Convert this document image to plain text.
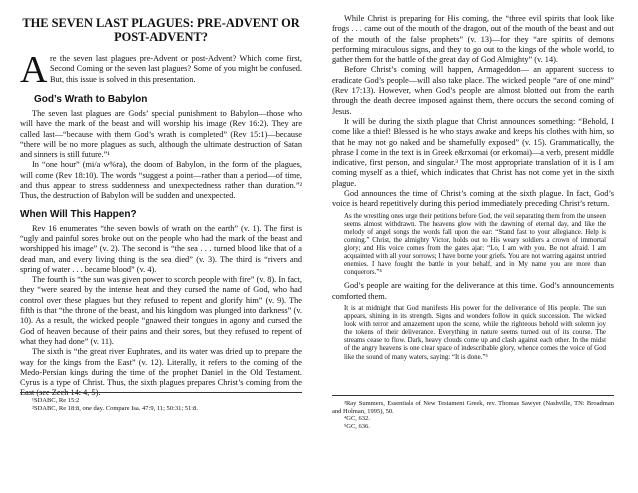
THE SEVEN LAST PLAGUES: PRE-ADVENT OR POST-ADVENT?
A re the seven last plagues pre-Advent or post-Advent? Which come first, Second Coming or the seven last plagues? Some of you might be confused. But, this issue is solved in this presentation.

God’s Wrath to Babylon

The seven last plagues are Gods’ special punishment to Babylon—those who will have the mark of the beast and will worship his image (Rev 16:2). They are called last—“because with them God’s wrath is completed” (Rev 15:1)—because “there will be no more plagues as such, although the ultimate destruction of Satan and sinners is still future.”¹

In “one hour” (mi/a w%ra), the doom of Babylon, in the form of the plagues, will come (Rev 18:10). The words “suggest a point—rather than a period—of time, and thus appear to stress suddenness and unexpectedness rather than duration.”² Thus, the destruction of Babylon will be sudden and unexpected.

When Will This Happen?

Rev 16 enumerates “the seven bowls of wrath on the earth” (v. 1). The first is “ugly and painful sores broke out on the people who had the mark of the beast and worshipped his image” (v. 2). The second is “the sea . . . turned blood like that of a dead man, and every living thing is the sea died” (v. 3). The third is “rivers and spring of water . . . became blood” (v. 4).

The fourth is “the sun was given power to scorch people with fire” (v. 8). In fact, they “were seared by the intense heat and they cursed the name of God, who had control over these plagues but they refused to repent and glorify him” (v. 9). The fifth is that “the throne of the beast, and his kingdom was plunged into darkness” (v. 10). As a result, the wicked people “gnawed their tongues in agony and cursed the God of heaven because of their pains and their sores, but they refused to repent of what they had done” (v. 11).

The sixth is “the great river Euphrates, and its water was dried up to prepare the way for the kings from the East” (v. 12). Literally, it refers to the coming of the Medo-Persian kings during the time of the prophet Daniel in the Old Testament. Cyrus is a type of Christ. Thus, the sixth plagues prepares Christ’s coming from the East (see Zech 14: 4, 5).

¹SDABC, Re 15:2

²SDABC, Re 18:8, one day. Compare Isa. 47:9, 11; 50:31; 51:8.

While Christ is preparing for His coming, the “three evil spirits that look like frogs . . . came out of the mouth of the dragon, out of the mouth of the beast and out of the mouth of the false prophets” (v. 13)—for they “are spirits of demons performing miraculous signs, and they to go out to the kings of the whole world, to gather them for the battle of the great day of God Almighty” (v. 14).

Before Christ’s coming will happen, Armageddon— an apparent success to eradicate God’s people—will also take place. The wicked people “are of one mind” (Rev 17:13). However, when God’s people are almost blotted out from the earth through the death decree imposed against them, there occurs the second coming of Jesus.

It will be during the sixth plague that Christ announces something: “Behold, I come like a thief! Blessed is he who stays awake and keeps his clothes with him, so that he may not go naked and be shamefully exposed” (v. 15). Grammatically, the phrase I come in the text is in Greek e&rxomai (or erkomai)—a verb, present middle indicative, first person, and singular.³ The most appropriate translation of it is I am coming myself as a thief, which indicates that Christ has not come yet in the sixth plague.

God announces the time of Christ’s coming at the sixth plague. In fact, God’s voice is heard repetitively during this period immediately preceding Christ’s return.

As the wrestling ones urge their petitions before God, the veil separating them from the unseen seems almost withdrawn. The heavens glow with the dawning of eternal day, and like the melody of angel songs the words fall upon the ear: “Stand fast to your allegiance. Help is coming.” Christ, the almighty Victor, holds out to His weary soldiers a crown of immortal glory; and His voice comes from the gates ajar: “Lo, I am with you. Be not afraid. I am acquainted with all your sorrows; I have borne your griefs. You are not warring against untried enemies. I have fought the battle in your behalf, and in My name you are more than conquerors.”⁴

God’s people are waiting for the deliverance at this time. God’s announcements comforted them.

It is at midnight that God manifests His power for the deliverance of His people. The sun appears, shining in its strength. Signs and wonders follow in quick succession. The wicked look with terror and amazement upon the scene, while the righteous behold with solemn joy the tokens of their deliverance. Everything in nature seems turned out of its course. The streams cease to flow. Dark, heavy clouds come up and clash against each other. In the midst of the angry heavens is one clear space of indescribable glory, whence comes the voice of God like the sound of many waters, saying: “It is done.”⁵

³Ray Summers, Essentials of New Testament Greek, rev. Thomas Sawyer (Nashville, TN: Broadman and Holman, 1995), 50.

⁴GC, 632.

⁵GC, 636.
